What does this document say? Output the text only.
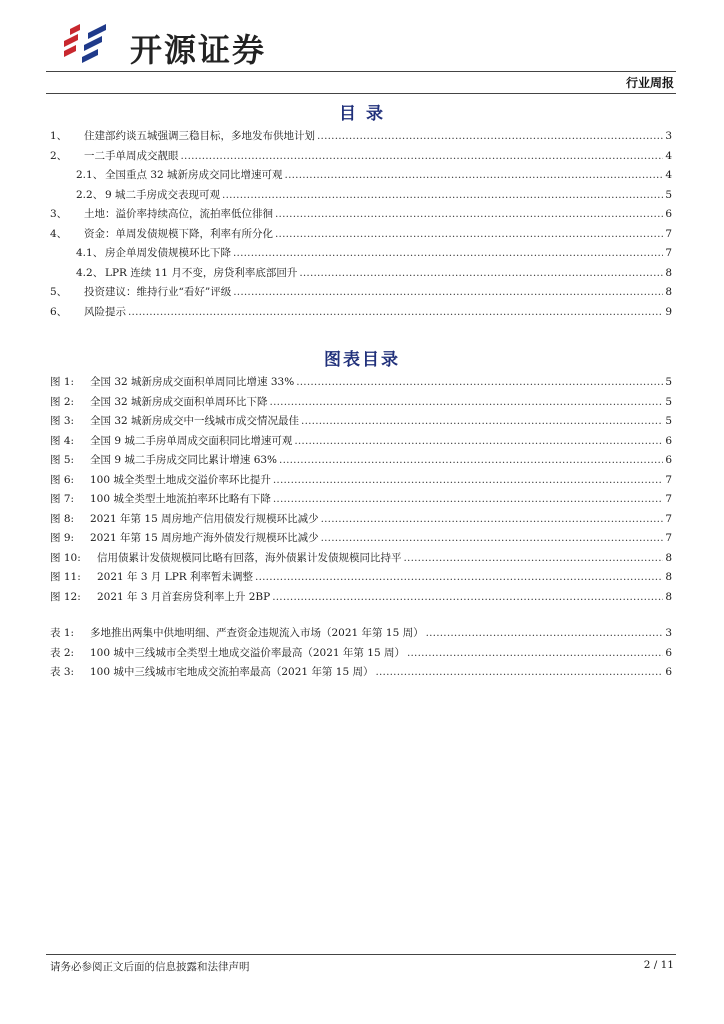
开源证券
行业周报
目 录
1、	住建部约谈五城强调三稳目标，多地发布供地计划 .....	3
2、	一二手单周成交靓眼 .....	4
2.1、 全国重点 32 城新房成交同比增速可观 .....	4
2.2、 9 城二手房成交表现可观 .....	5
3、	土地：溢价率持续高位，流拍率低位徘徊 .....	6
4、	资金：单周发债规模下降，利率有所分化 .....	7
4.1、 房企单周发债规模环比下降 .....	7
4.2、 LPR 连续 11 月不变，房贷利率底部回升 .....	8
5、	投资建议：维持行业“看好”评级 .....	8
6、	风险提示 .....	9
图表目录
图 1:	全国 32 城新房成交面积单周同比增速 33% .....	5
图 2:	全国 32 城新房成交面积单周环比下降 .....	5
图 3:	全国 32 城新房成交中一线城市成交情况最佳 .....	5
图 4:	全国 9 城二手房单周成交面积同比增速可观 .....	6
图 5:	全国 9 城二手房成交同比累计增速 63% .....	6
图 6:	100 城全类型土地成交溢价率环比提升 .....	7
图 7:	100 城全类型土地流拍率环比略有下降 .....	7
图 8:	2021 年第 15 周房地产信用债发行规模环比减少 .....	7
图 9:	2021 年第 15 周房地产海外债发行规模环比减少 .....	7
图 10:	信用债累计发债规模同比略有回落，海外债累计发债规模同比持平 .....	8
图 11:	2021 年 3 月 LPR 利率暂未调整 .....	8
图 12:	2021 年 3 月首套房贷利率上升 2BP .....	8
表 1:	多地推出两集中供地明细、严查资金违规流入市场（2021 年第 15 周） .....	3
表 2:	100 城中三线城市全类型土地成交溢价率最高（2021 年第 15 周） .....	6
表 3:	100 城中三线城市宅地成交流拍率最高（2021 年第 15 周） .....	6
请务必参阅正文后面的信息披露和法律声明	2 / 11
